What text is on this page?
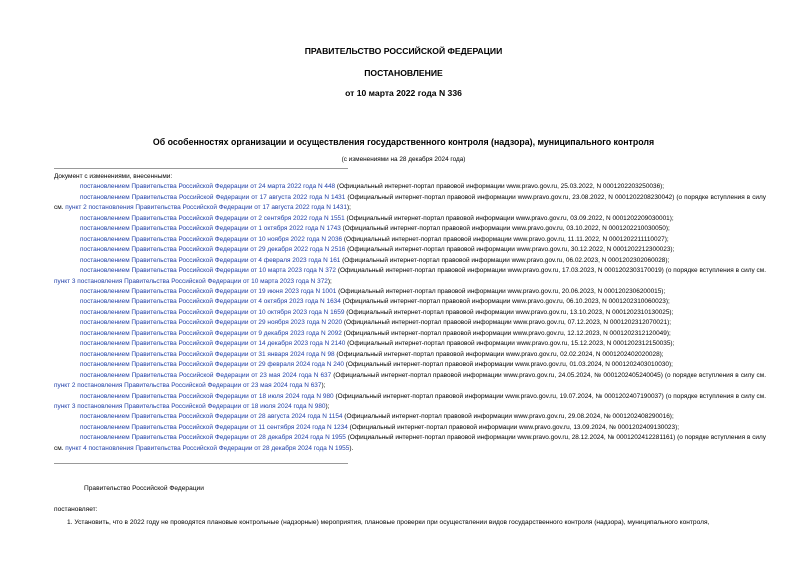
ПРАВИТЕЛЬСТВО РОССИЙСКОЙ ФЕДЕРАЦИИ
ПОСТАНОВЛЕНИЕ
от 10 марта 2022 года N 336
Об особенностях организации и осуществления государственного контроля (надзора), муниципального контроля
(с изменениями на 28 декабря 2024 года)

Документ с изменениями, внесенными:

постановлением Правительства Российской Федерации от 24 марта 2022 года N 448 (Официальный интернет-портал правовой информации www.pravo.gov.ru, 25.03.2022, N 0001202203250036);

постановлением Правительства Российской Федерации от 17 августа 2022 года N 1431 (Официальный интернет-портал правовой информации www.pravo.gov.ru, 23.08.2022, N 0001202208230042) (о порядке вступления в силу см. пункт 2 постановления Правительства Российской Федерации от 17 августа 2022 года N 1431);

постановлением Правительства Российской Федерации от 2 сентября 2022 года N 1551 (Официальный интернет-портал правовой информации www.pravo.gov.ru, 03.09.2022, N 0001202209030001);

постановлением Правительства Российской Федерации от 1 октября 2022 года N 1743 (Официальный интернет-портал правовой информации www.pravo.gov.ru, 03.10.2022, N 0001202210030050);

постановлением Правительства Российской Федерации от 10 ноября 2022 года N 2036 (Официальный интернет-портал правовой информации www.pravo.gov.ru, 11.11.2022, N 0001202211110027);

постановлением Правительства Российской Федерации от 29 декабря 2022 года N 2516 (Официальный интернет-портал правовой информации www.pravo.gov.ru, 30.12.2022, N 0001202212300023);

постановлением Правительства Российской Федерации от 4 февраля 2023 года N 161 (Официальный интернет-портал правовой информации www.pravo.gov.ru, 06.02.2023, N 0001202302060028);

постановлением Правительства Российской Федерации от 10 марта 2023 года N 372 (Официальный интернет-портал правовой информации www.pravo.gov.ru, 17.03.2023, N 0001202303170019) (о порядке вступления в силу см. пункт 3 постановления Правительства Российской Федерации от 10 марта 2023 года N 372);

постановлением Правительства Российской Федерации от 19 июня 2023 года N 1001 (Официальный интернет-портал правовой информации www.pravo.gov.ru, 20.06.2023, N 0001202306200015);

постановлением Правительства Российской Федерации от 4 октября 2023 года N 1634 (Официальный интернет-портал правовой информации www.pravo.gov.ru, 06.10.2023, N 0001202310060023);

постановлением Правительства Российской Федерации от 10 октября 2023 года N 1659 (Официальный интернет-портал правовой информации www.pravo.gov.ru, 13.10.2023, N 0001202310130025);

постановлением Правительства Российской Федерации от 29 ноября 2023 года N 2020 (Официальный интернет-портал правовой информации www.pravo.gov.ru, 07.12.2023, N 0001202312070021);

постановлением Правительства Российской Федерации от 9 декабря 2023 года N 2092 (Официальный интернет-портал правовой информации www.pravo.gov.ru, 12.12.2023, N 0001202312120049);

постановлением Правительства Российской Федерации от 14 декабря 2023 года N 2140 (Официальный интернет-портал правовой информации www.pravo.gov.ru, 15.12.2023, N 0001202312150035);

постановлением Правительства Российской Федерации от 31 января 2024 года N 98 (Официальный интернет-портал правовой информации www.pravo.gov.ru, 02.02.2024, N 0001202402020028);

постановлением Правительства Российской Федерации от 29 февраля 2024 года N 240 (Официальный интернет-портал правовой информации www.pravo.gov.ru, 01.03.2024, N 0001202403010030);

постановлением Правительства Российской Федерации от 23 мая 2024 года N 637 (Официальный интернет-портал правовой информации www.pravo.gov.ru, 24.05.2024, № 0001202405240045) (о порядке вступления в силу см. пункт 2 постановления Правительства Российской Федерации от 23 мая 2024 года N 637);

постановлением Правительства Российской Федерации от 18 июля 2024 года N 980 (Официальный интернет-портал правовой информации www.pravo.gov.ru, 19.07.2024, № 0001202407190037) (о порядке вступления в силу см. пункт 3 постановления Правительства Российской Федерации от 18 июля 2024 года N 980);

постановлением Правительства Российской Федерации от 28 августа 2024 года N 1154 (Официальный интернет-портал правовой информации www.pravo.gov.ru, 29.08.2024, № 0001202408290016);

постановлением Правительства Российской Федерации от 11 сентября 2024 года N 1234 (Официальный интернет-портал правовой информации www.pravo.gov.ru, 13.09.2024, № 0001202409130023);

постановлением Правительства Российской Федерации от 28 декабря 2024 года N 1955 (Официальный интернет-портал правовой информации www.pravo.gov.ru, 28.12.2024, № 0001202412281161) (о порядке вступления в силу см. пункт 4 постановления Правительства Российской Федерации от 28 декабря 2024 года N 1955).

Правительство Российской Федерации
постановляет:
1. Установить, что в 2022 году не проводятся плановые контрольные (надзорные) мероприятия, плановые проверки при осуществлении видов государственного контроля (надзора), муниципального контроля,
